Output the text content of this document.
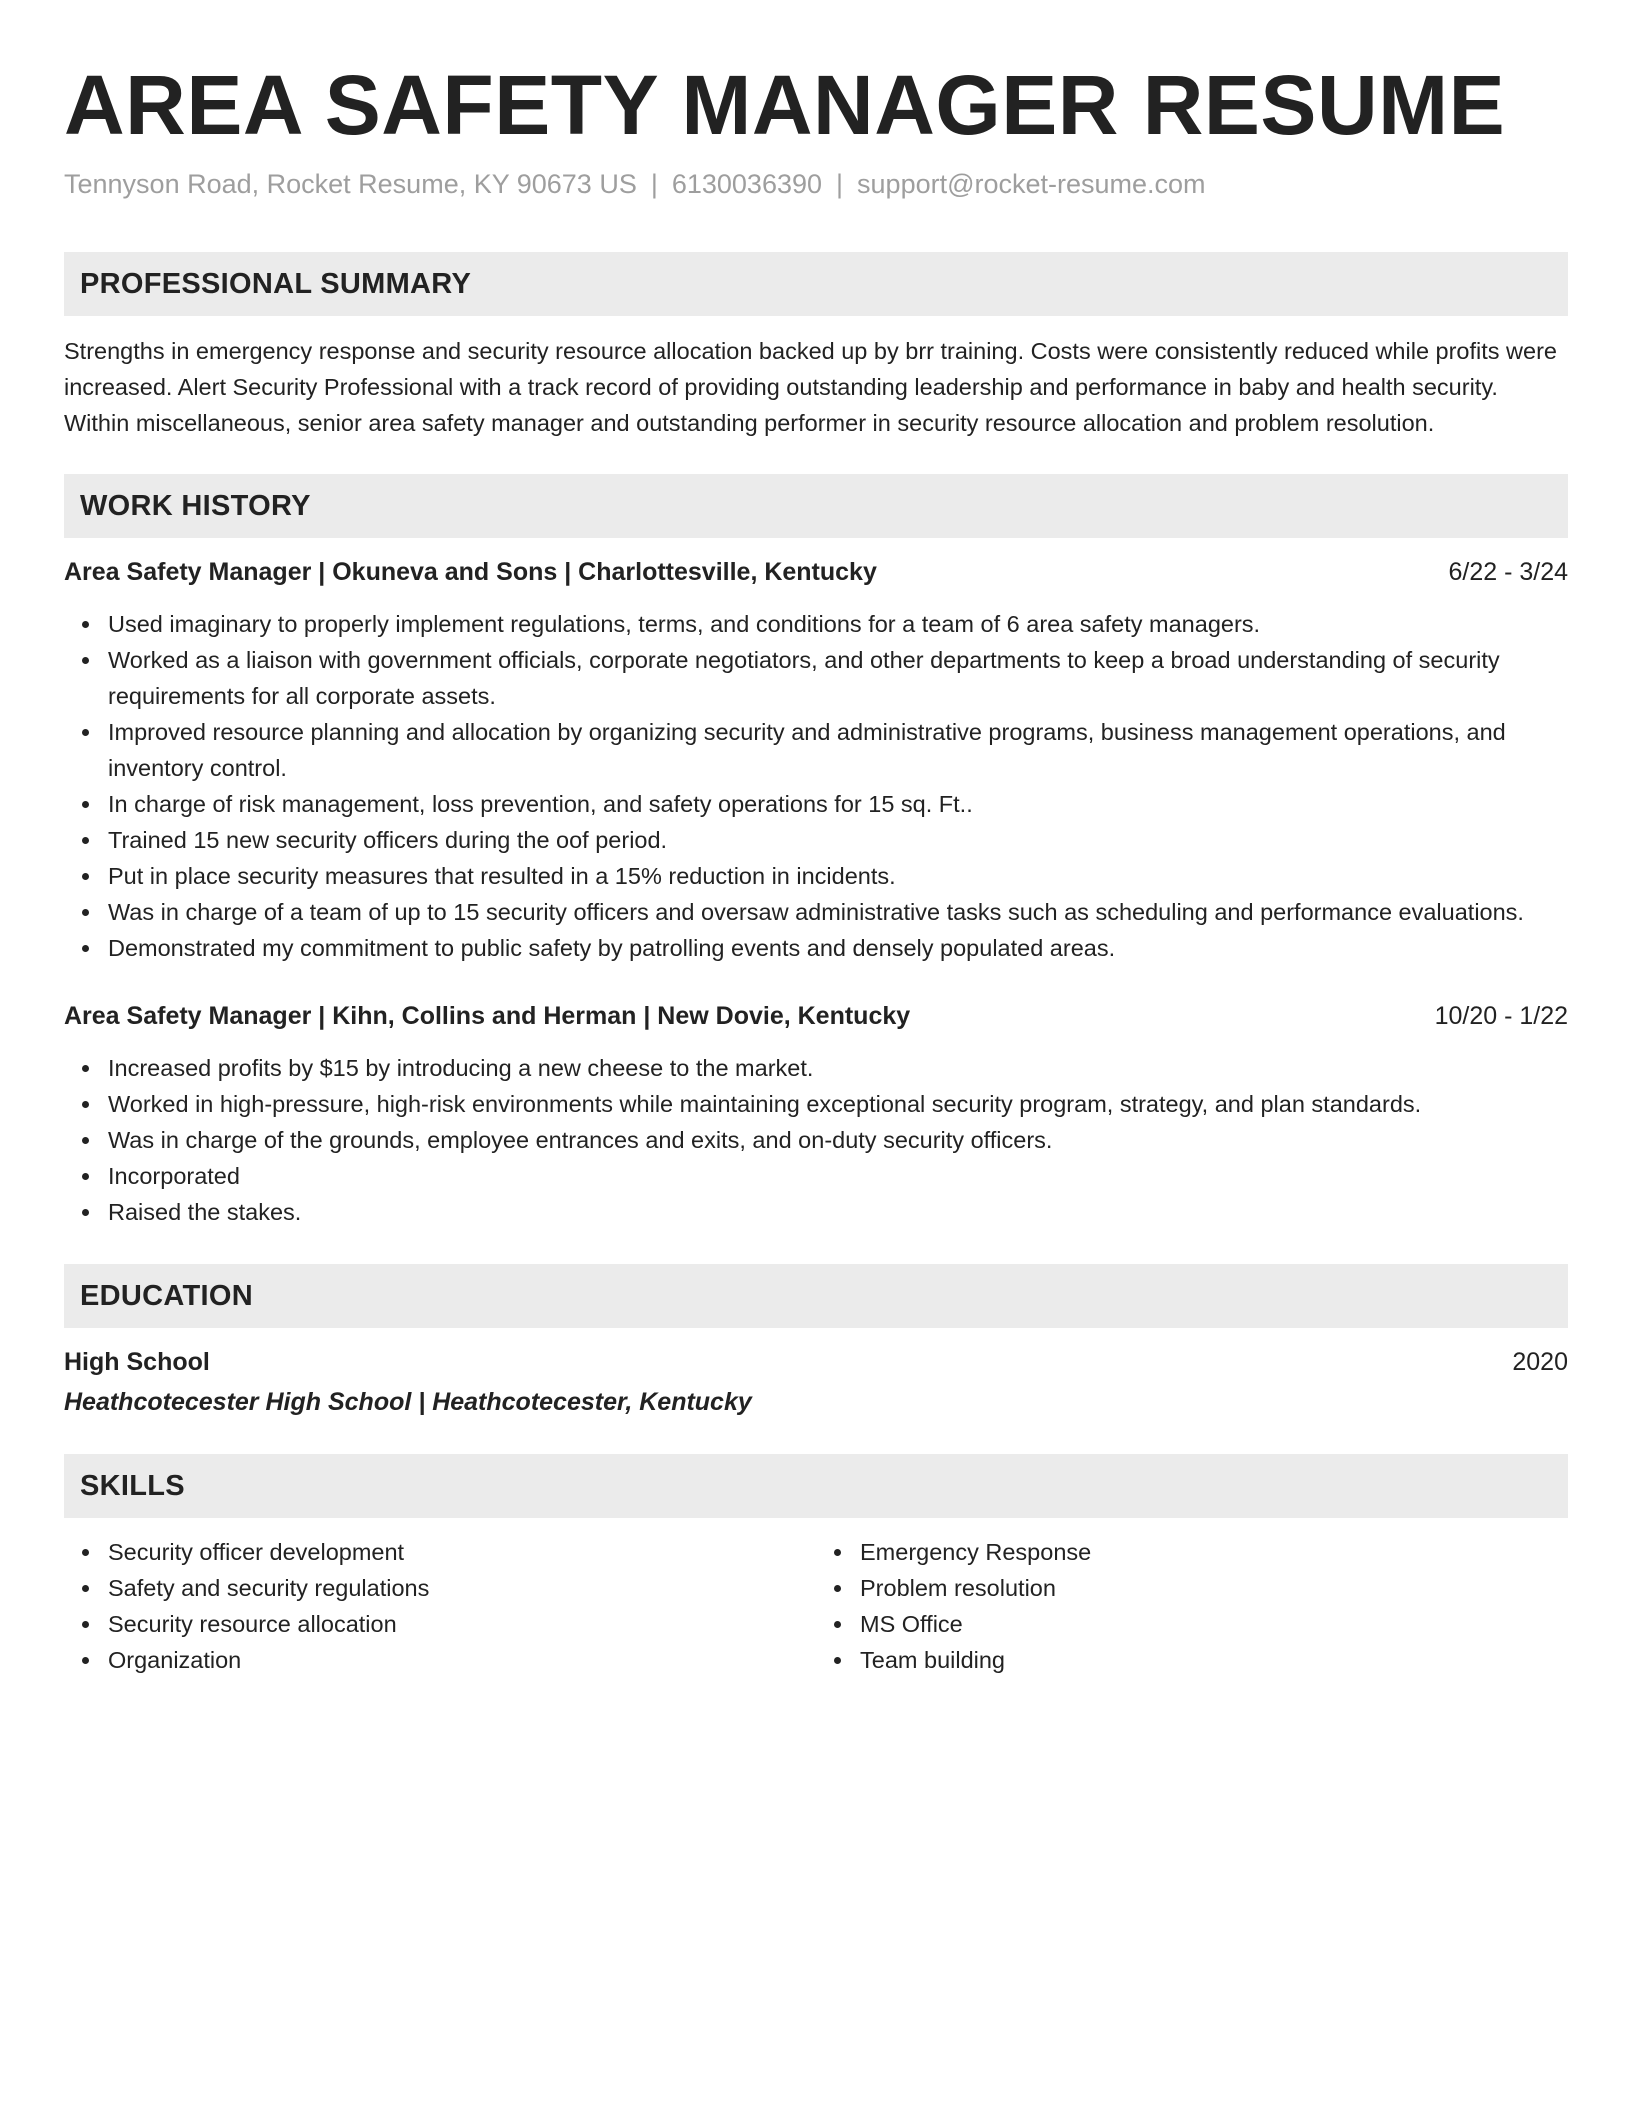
AREA SAFETY MANAGER RESUME
Tennyson Road, Rocket Resume, KY 90673 US | 6130036390 | support@rocket-resume.com
PROFESSIONAL SUMMARY
Strengths in emergency response and security resource allocation backed up by brr training. Costs were consistently reduced while profits were increased. Alert Security Professional with a track record of providing outstanding leadership and performance in baby and health security. Within miscellaneous, senior area safety manager and outstanding performer in security resource allocation and problem resolution.
WORK HISTORY
Area Safety Manager | Okuneva and Sons | Charlottesville, Kentucky	6/22 - 3/24
Used imaginary to properly implement regulations, terms, and conditions for a team of 6 area safety managers.
Worked as a liaison with government officials, corporate negotiators, and other departments to keep a broad understanding of security requirements for all corporate assets.
Improved resource planning and allocation by organizing security and administrative programs, business management operations, and inventory control.
In charge of risk management, loss prevention, and safety operations for 15 sq. Ft..
Trained 15 new security officers during the oof period.
Put in place security measures that resulted in a 15% reduction in incidents.
Was in charge of a team of up to 15 security officers and oversaw administrative tasks such as scheduling and performance evaluations.
Demonstrated my commitment to public safety by patrolling events and densely populated areas.
Area Safety Manager | Kihn, Collins and Herman | New Dovie, Kentucky	10/20 - 1/22
Increased profits by $15 by introducing a new cheese to the market.
Worked in high-pressure, high-risk environments while maintaining exceptional security program, strategy, and plan standards.
Was in charge of the grounds, employee entrances and exits, and on-duty security officers.
Incorporated
Raised the stakes.
EDUCATION
High School	2020
Heathcotecester High School | Heathcotecester, Kentucky
SKILLS
Security officer development
Safety and security regulations
Security resource allocation
Organization
Emergency Response
Problem resolution
MS Office
Team building
